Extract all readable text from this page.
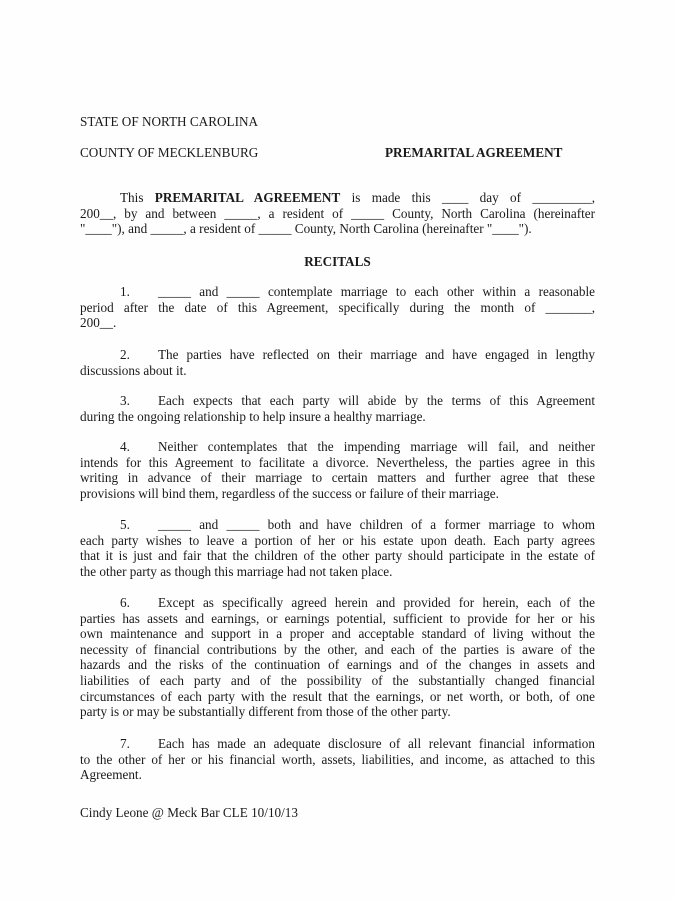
STATE OF NORTH CAROLINA
COUNTY OF MECKLENBURG	PREMARITAL AGREEMENT
This PREMARITAL AGREEMENT is made this ____ day of _________,
200__, by and between _____, a resident of _____ County, North Carolina (hereinafter
"____"), and _____, a resident of _____ County, North Carolina (hereinafter "____").
RECITALS
1. _____ and _____ contemplate marriage to each other within a reasonable
period after the date of this Agreement, specifically during the month of _______,
200__.
2. The parties have reflected on their marriage and have engaged in lengthy
discussions about it.
3. Each expects that each party will abide by the terms of this Agreement
during the ongoing relationship to help insure a healthy marriage.
4. Neither contemplates that the impending marriage will fail, and neither
intends for this Agreement to facilitate a divorce. Nevertheless, the parties agree in this
writing in advance of their marriage to certain matters and further agree that these
provisions will bind them, regardless of the success or failure of their marriage.
5. _____ and _____ both and have children of a former marriage to whom
each party wishes to leave a portion of her or his estate upon death. Each party agrees
that it is just and fair that the children of the other party should participate in the estate of
the other party as though this marriage had not taken place.
6. Except as specifically agreed herein and provided for herein, each of the
parties has assets and earnings, or earnings potential, sufficient to provide for her or his
own maintenance and support in a proper and acceptable standard of living without the
necessity of financial contributions by the other, and each of the parties is aware of the
hazards and the risks of the continuation of earnings and of the changes in assets and
liabilities of each party and of the possibility of the substantially changed financial
circumstances of each party with the result that the earnings, or net worth, or both, of one
party is or may be substantially different from those of the other party.
7. Each has made an adequate disclosure of all relevant financial information
to the other of her or his financial worth, assets, liabilities, and income, as attached to this
Agreement.
Cindy Leone @ Meck Bar CLE 10/10/13
